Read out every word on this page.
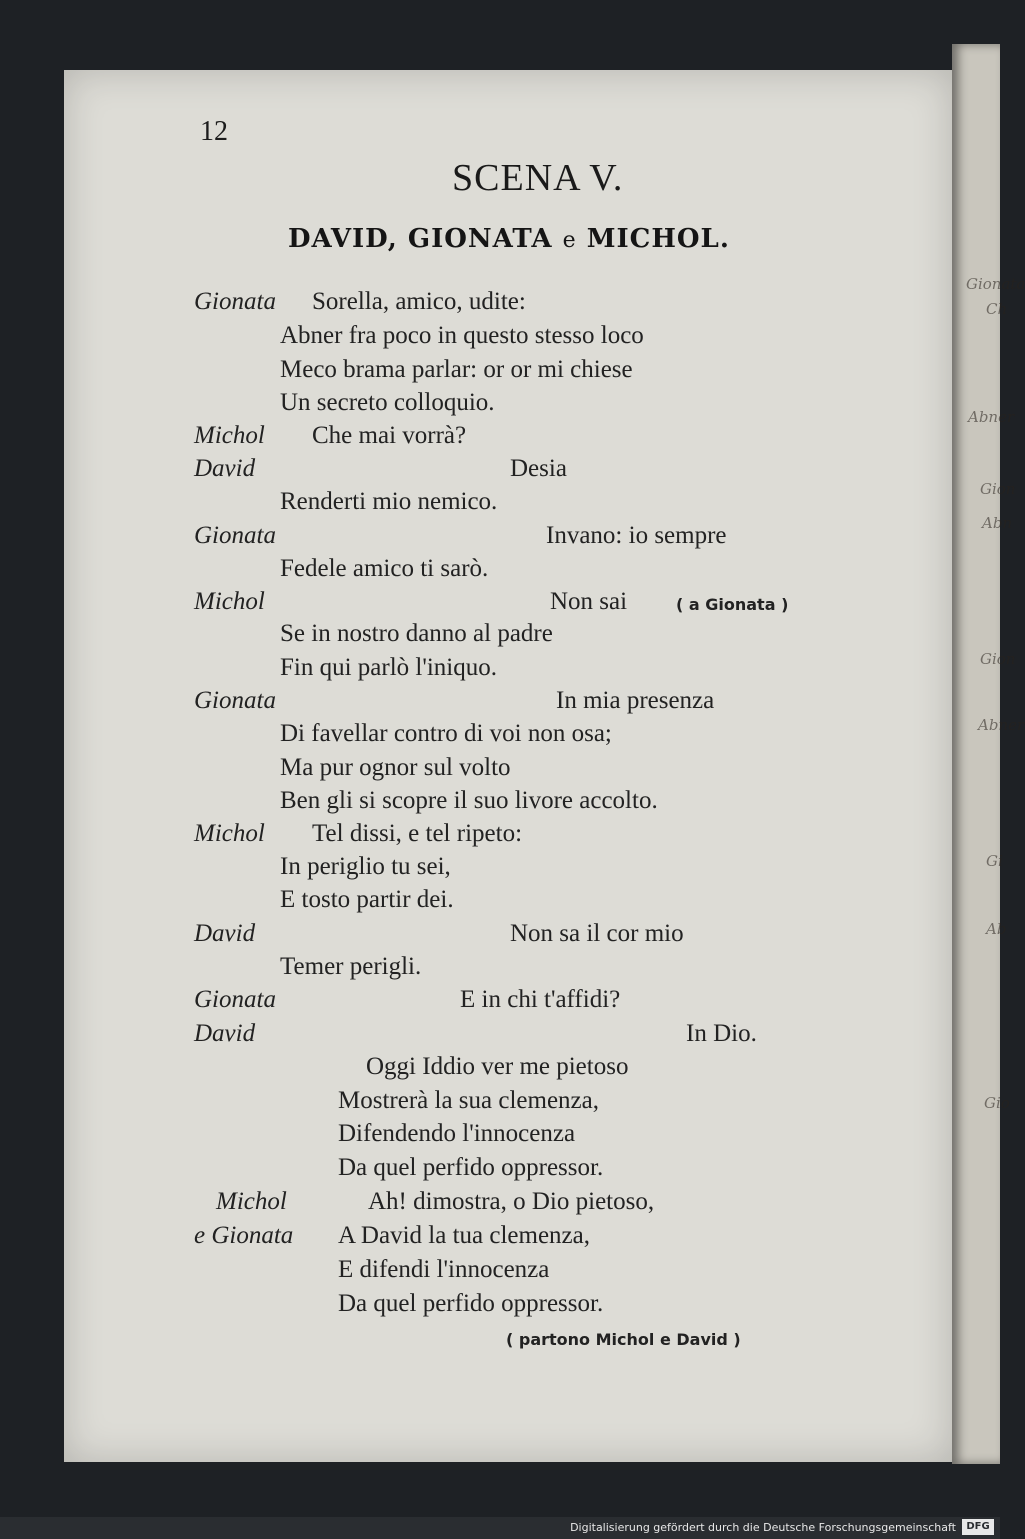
Gionata
Ch
Abner
Gion
Abn
Gion
Abner
Gi
Ab
Gio
12
SCENA V.
DAVID, GIONATA e MICHOL.
Gionata
Michol
David
Gionata
Michol
Gionata
Michol
David
Gionata
David
Michol
e Gionata
Sorella, amico, udite:
Abner fra poco in questo stesso loco
Meco brama parlar: or or mi chiese
Un secreto colloquio.
Che mai vorrà?
Desia
Renderti mio nemico.
Invano: io sempre
Fedele amico ti sarò.
Non sai
Se in nostro danno al padre
Fin qui parlò l'iniquo.
In mia presenza
Di favellar contro di voi non osa;
Ma pur ognor sul volto
Ben gli si scopre il suo livore accolto.
Tel dissi, e tel ripeto:
In periglio tu sei,
E tosto partir dei.
Non sa il cor mio
Temer perigli.
E in chi t'affidi?
In Dio.
Oggi Iddio ver me pietoso
Mostrerà la sua clemenza,
Difendendo l'innocenza
Da quel perfido oppressor.
Ah! dimostra, o Dio pietoso,
A David la tua clemenza,
E difendi l'innocenza
Da quel perfido oppressor.
( a Gionata )
( partono Michol e David )
Digitalisierung gefördert durch die Deutsche Forschungsgemeinschaft	DFG
